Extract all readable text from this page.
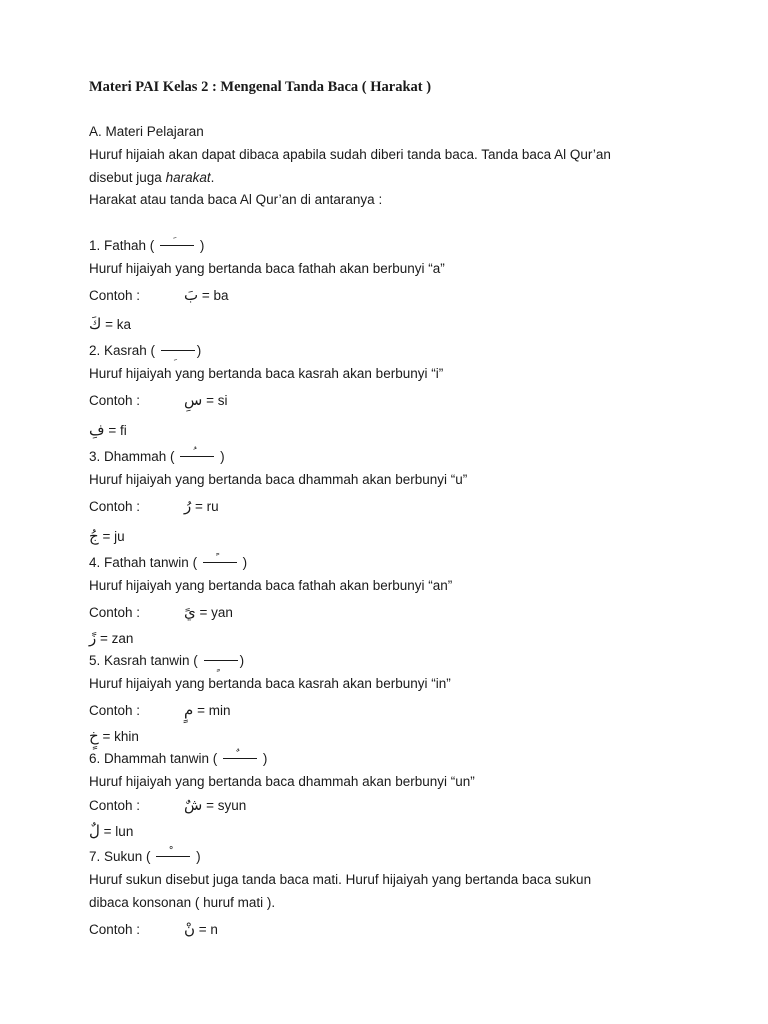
Materi PAI Kelas 2 : Mengenal Tanda Baca ( Harakat )
A. Materi Pelajaran
Huruf hijaiah akan dapat dibaca apabila sudah diberi tanda baca. Tanda baca Al Qur’an
disebut juga harakat.
Harakat atau tanda baca Al Qur’an di antaranya :
1. Fathah (	)
Huruf hijaiyah yang bertanda baca fathah akan berbunyi “a”
Contoh :	بَ = ba
كَ = ka
2. Kasrah (	)
Huruf hijaiyah yang bertanda baca kasrah akan berbunyi “i”
Contoh :	سِ = si
فِ = fi
3. Dhammah (	)
Huruf hijaiyah yang bertanda baca dhammah akan berbunyi “u”
Contoh :	رُ = ru
جُ = ju
4. Fathah tanwin (	)
Huruf hijaiyah yang bertanda baca fathah akan berbunyi “an”
Contoh :	يً = yan
زً = zan
5. Kasrah tanwin (	)
Huruf hijaiyah yang bertanda baca kasrah akan berbunyi “in”
Contoh :	مٍ = min
خٍ = khin
6. Dhammah tanwin (	)
Huruf hijaiyah yang bertanda baca dhammah akan berbunyi “un”
Contoh :	شٌ = syun
لٌ = lun
7. Sukun (	)
Huruf sukun disebut juga tanda baca mati. Huruf hijaiyah yang bertanda baca sukun
dibaca konsonan ( huruf mati ).
Contoh :	نْ = n
